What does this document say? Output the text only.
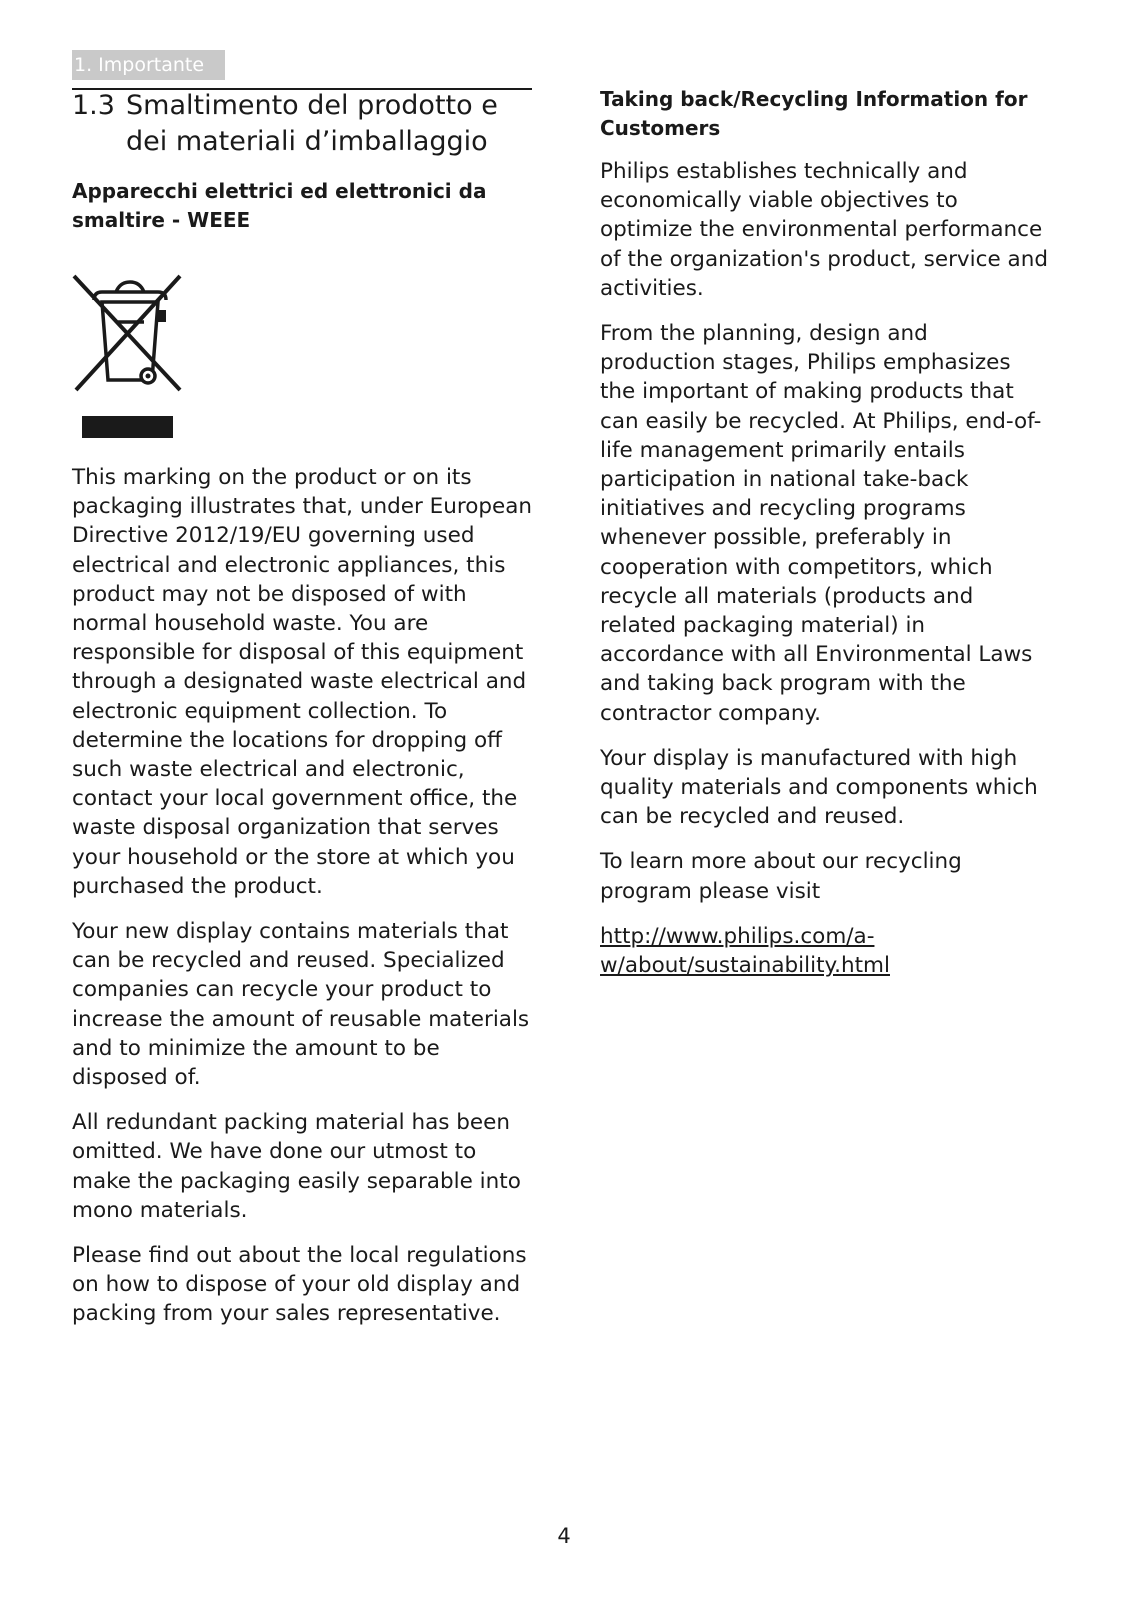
1. Importante
1.3 Smaltimento del prodotto e dei materiali d’imballaggio
Apparecchi elettrici ed elettronici da smaltire - WEEE

This marking on the product or on its packaging illustrates that, under European Directive 2012/19/EU governing used electrical and electronic appliances, this product may not be disposed of with normal household waste. You are responsible for disposal of this equipment through a designated waste electrical and electronic equipment collection. To determine the locations for dropping off such waste electrical and electronic, contact your local government office, the waste disposal organization that serves your household or the store at which you purchased the product.

Your new display contains materials that can be recycled and reused. Specialized companies can recycle your product to increase the amount of reusable materials and to minimize the amount to be disposed of.

All redundant packing material has been omitted. We have done our utmost to make the packaging easily separable into mono materials.

Please find out about the local regulations on how to dispose of your old display and packing from your sales representative.

Taking back/Recycling Information for Customers

Philips establishes technically and economically viable objectives to optimize the environmental performance of the organization's product, service and activities.

From the planning, design and production stages, Philips emphasizes the important of making products that can easily be recycled. At Philips, end-of-life management primarily entails participation in national take-back initiatives and recycling programs whenever possible, preferably in cooperation with competitors, which recycle all materials (products and related packaging material) in accordance with all Environmental Laws and taking back program with the contractor company.

Your display is manufactured with high quality materials and components which can be recycled and reused.

To learn more about our recycling program please visit

http://www.philips.com/a-w/about/sustainability.html

4
